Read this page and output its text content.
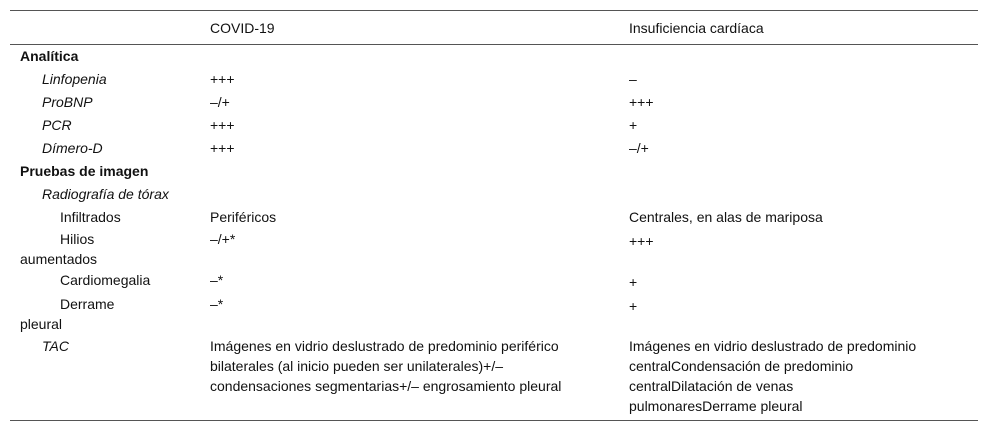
	COVID-19	Insuficiencia cardíaca
Analítica		
Linfopenia	+++	–
ProBNP	–/+	+++
PCR	+++	+
Dímero-D	+++	–/+
Pruebas de imagen		
Radiografía de tórax		
Infiltrados	Periféricos	Centrales, en alas de mariposa
Hilios aumentados	–/+*	+++
Cardiomegalia	–*	+
Derrame pleural	–*	+
TAC	Imágenes en vidrio deslustrado de predominio periférico bilaterales (al inicio pueden ser unilaterales)+/– condensaciones segmentarias+/– engrosamiento pleural	Imágenes en vidrio deslustrado de predominio centralCondensación de predominio centralDilatación de venas pulmonaresDerrame pleural
